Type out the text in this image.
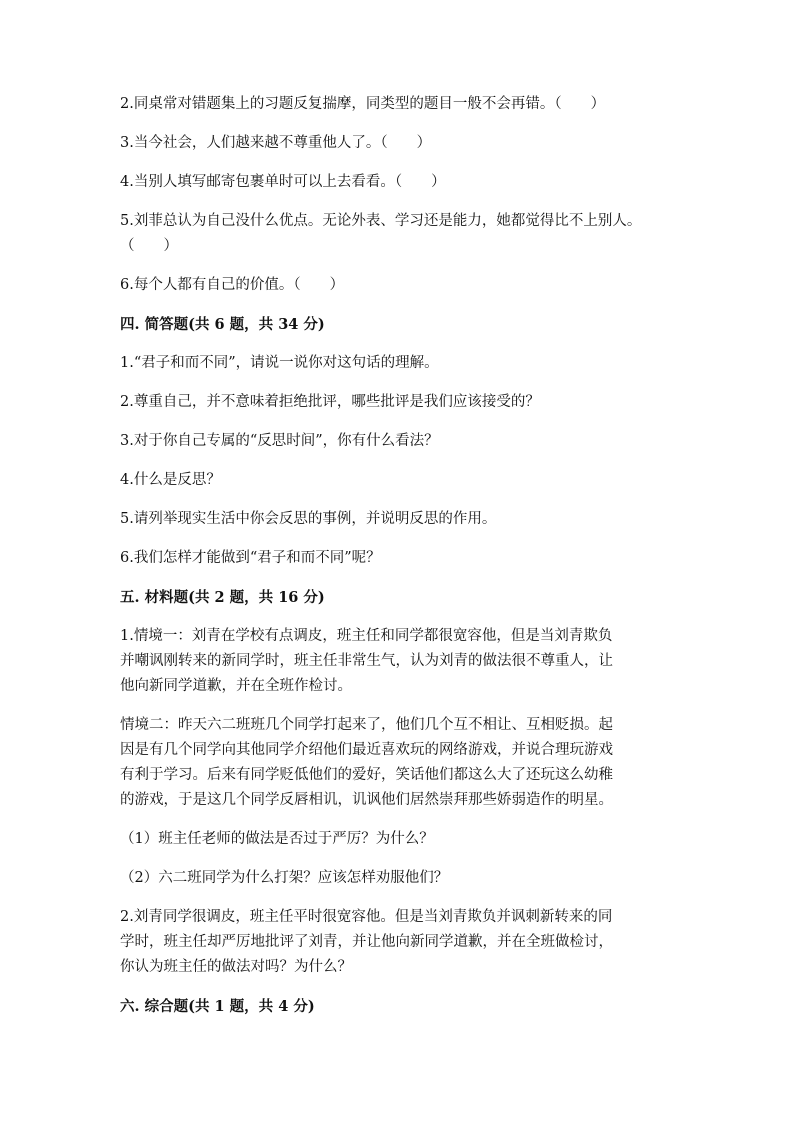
2.同桌常对错题集上的习题反复揣摩，同类型的题目一般不会再错。（　　）

3.当今社会，人们越来越不尊重他人了。（　　）

4.当别人填写邮寄包裹单时可以上去看看。（　　）

5.刘菲总认为自己没什么优点。无论外表、学习还是能力，她都觉得比不上别人。（　　）

6.每个人都有自己的价值。（　　）

四. 简答题(共 6 题，共 34 分)

1.“君子和而不同”，请说一说你对这句话的理解。

2.尊重自己，并不意味着拒绝批评，哪些批评是我们应该接受的？

3.对于你自己专属的“反思时间”，你有什么看法？

4.什么是反思？

5.请列举现实生活中你会反思的事例，并说明反思的作用。

6.我们怎样才能做到“君子和而不同”呢？

五. 材料题(共 2 题，共 16 分)

1.情境一：刘青在学校有点调皮，班主任和同学都很宽容他，但是当刘青欺负

并嘲讽刚转来的新同学时，班主任非常生气，认为刘青的做法很不尊重人，让

他向新同学道歉，并在全班作检讨。

情境二：昨天六二班班几个同学打起来了，他们几个互不相让、互相贬损。起

因是有几个同学向其他同学介绍他们最近喜欢玩的网络游戏，并说合理玩游戏

有利于学习。后来有同学贬低他们的爱好，笑话他们都这么大了还玩这么幼稚

的游戏，于是这几个同学反唇相讥，讥讽他们居然崇拜那些娇弱造作的明星。

（1）班主任老师的做法是否过于严厉？为什么？

（2）六二班同学为什么打架？应该怎样劝服他们？

2.刘青同学很调皮，班主任平时很宽容他。但是当刘青欺负并讽刺新转来的同

学时，班主任却严厉地批评了刘青，并让他向新同学道歉，并在全班做检讨，

你认为班主任的做法对吗？为什么？

六. 综合题(共 1 题，共 4 分)
